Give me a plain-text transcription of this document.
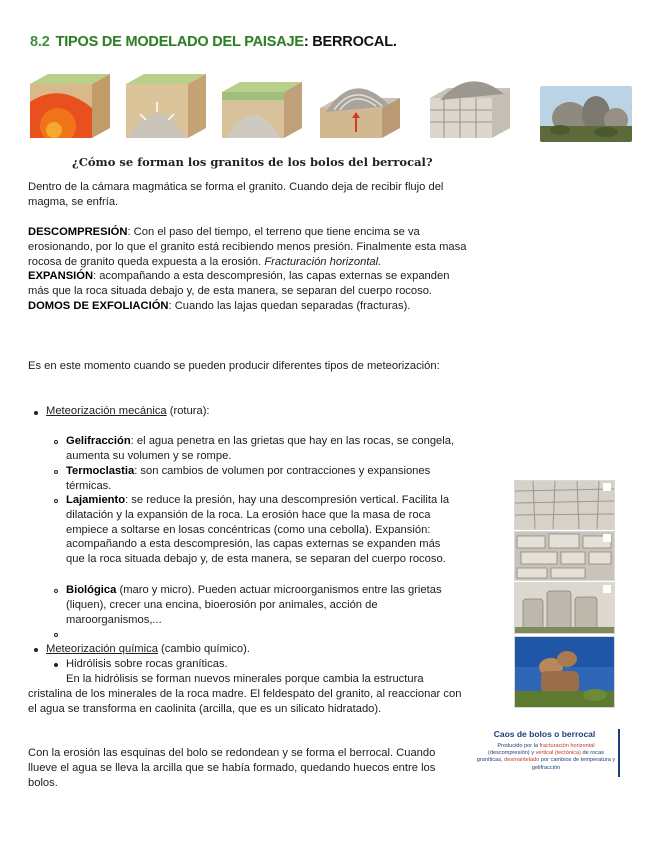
8.2 TIPOS DE MODELADO DEL PAISAJE: BERROCAL.
¿Cómo se forman los granitos de los bolos del berrocal?
Dentro de la cámara magmática se forma el granito. Cuando deja de recibir flujo del magma, se enfría.
DESCOMPRESIÓN: Con el paso del tiempo, el terreno que tiene encima se va erosionando, por lo que el granito está recibiendo menos presión. Finalmente esta masa rocosa de granito queda expuesta a la erosión. Fracturación horizontal.
EXPANSIÓN: acompañando a esta descompresión, las capas externas se expanden más que la roca situada debajo y, de esta manera, se separan del cuerpo rocoso.
DOMOS DE EXFOLIACIÓN: Cuando las lajas quedan separadas (fracturas).
Es en este momento cuando se pueden producir diferentes tipos de meteorización:
Meteorización mecánica (rotura):
Gelifracción: el agua penetra en las grietas que hay en las rocas, se congela, aumenta su volumen y se rompe.
Termoclastia: son cambios de volumen por contracciones y expansiones térmicas.
Lajamiento: se reduce la presión, hay una descompresión vertical. Facilita la dilatación y la expansión de la roca. La erosión hace que la masa de roca empiece a soltarse en losas concéntricas (como una cebolla). Expansión: acompañando a esta descompresión, las capas externas se expanden más que la roca situada debajo y, de esta manera, se separan del cuerpo rocoso.
Biológica (maro y micro). Pueden actuar microorganismos entre las grietas (liquen), crecer una encina, bioerosión por animales, acción de maroorganismos,...
Meteorización química (cambio químico).
Hidrólisis sobre rocas graníticas.
En la hidrólisis se forman nuevos minerales porque cambia la estructura cristalina de los minerales de la roca madre. El feldespato del granito, al reaccionar con el agua se transforma en caolinita (arcilla, que es un silicato hidratado).
Con la erosión las esquinas del bolo se redondean y se forma el berrocal. Cuando llueve el agua se lleva la arcilla que se había formado, quedando huecos entre los bolos.
Caos de bolos o berrocal
Producido por la fracturación horizontal (descompresión) y vertical (tectónica) de rocas graníticas, desmantelado por cambios de temperatura y gelifracción
